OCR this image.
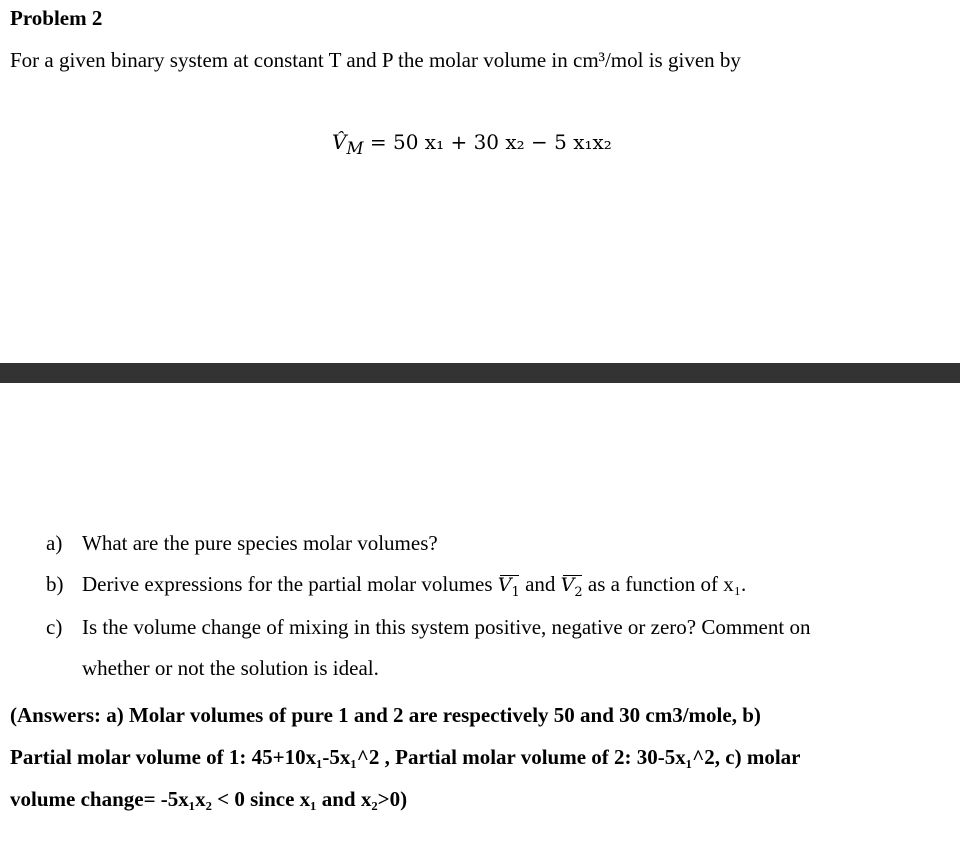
Problem 2
For a given binary system at constant T and P the molar volume in cm³/mol is given by
$V̂_M = 50$ x₁ + 30 x₂ − 5 x₁x₂
a) What are the pure species molar volumes?
b) Derive expressions for the partial molar volumes $V_1$ and $V_2$ as a function of x₁.
c) Is the volume change of mixing in this system positive, negative or zero? Comment on
whether or not the solution is ideal.
(Answers: a) Molar volumes of pure 1 and 2 are respectively 50 and 30 cm3/mole, b)
Partial molar volume of 1: 45+10x₁-5x₁^2 , Partial molar volume of 2: 30-5x₁^2, c) molar
volume change= -5x₁x₂ < 0 since x₁ and x₂>0)
